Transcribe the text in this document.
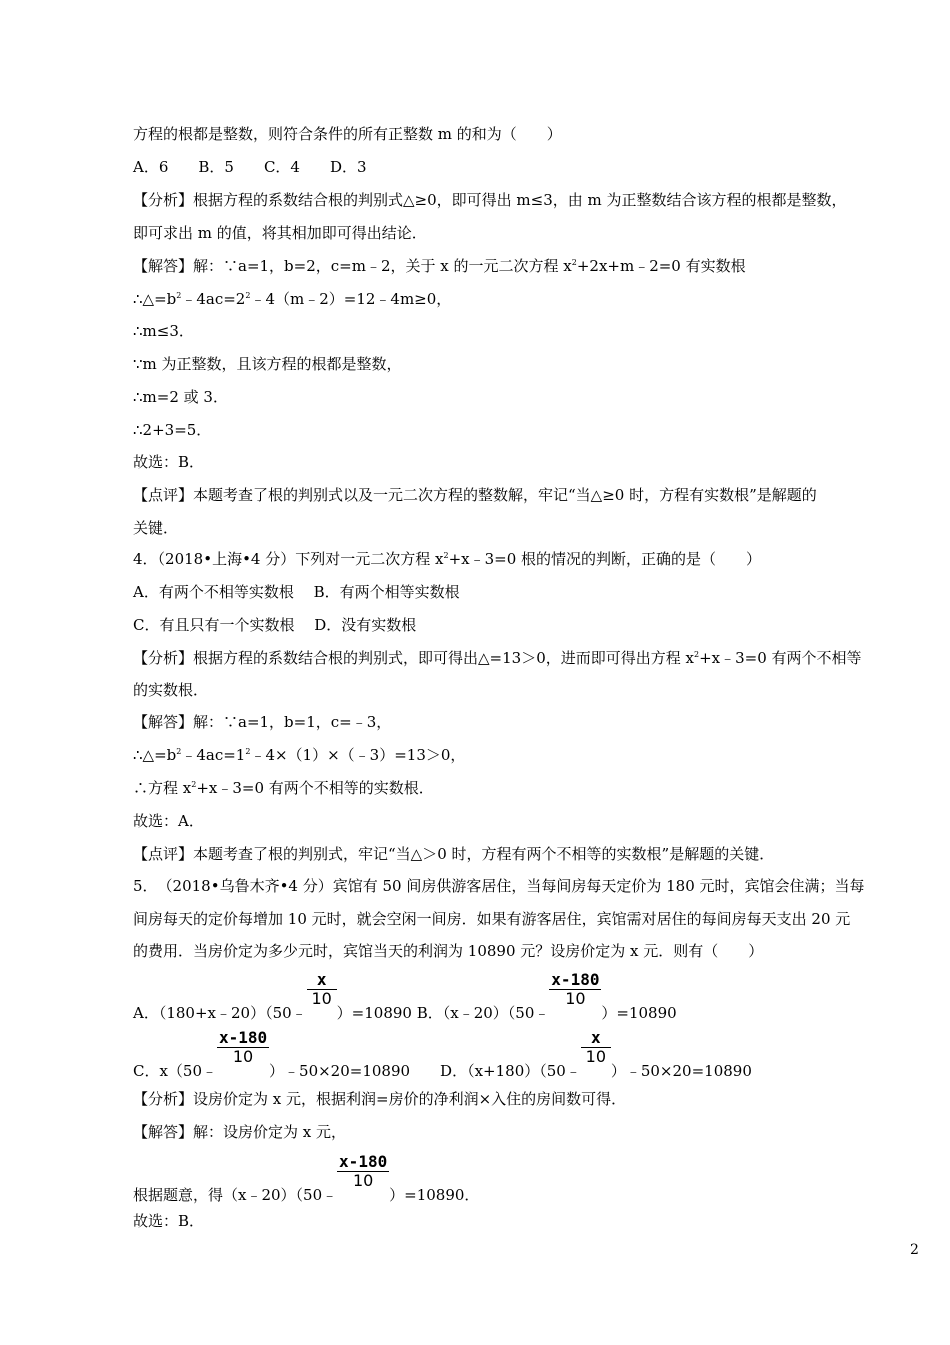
方程的根都是整数，则符合条件的所有正整数 m 的和为（　　）
A．6　　B．5　　C．4　　D．3
【分析】根据方程的系数结合根的判别式△≥0，即可得出 m≤3，由 m 为正整数结合该方程的根都是整数，
即可求出 m 的值，将其相加即可得出结论．
【解答】解：∵a=1，b=2，c=m﹣2，关于 x 的一元二次方程 $x^2+2x+m﹣2=0$ 有实数根
$\therefore\triangle=b^2﹣4ac=2^2﹣4(m﹣2)=12﹣4m\ge 0$，
∴m≤3．
∵m 为正整数，且该方程的根都是整数，
∴m=2 或 3．
∴2+3=5．
故选：B．
【点评】本题考查了根的判别式以及一元二次方程的整数解，牢记“当△≥0 时，方程有实数根”是解题的
关键．
4．（2018•上海•4 分）下列对一元二次方程 $x^2+x﹣3=0$ 根的情况的判断，正确的是（　　）
A．有两个不相等实数根　 B．有两个相等实数根
C．有且只有一个实数根　 D．没有实数根
【分析】根据方程的系数结合根的判别式，即可得出△=13＞0，进而即可得出方程 $x^2+x﹣3=0$ 有两个不相等
的实数根．
【解答】解：∵a=1，b=1，c=﹣3，
$\therefore\triangle=b^2﹣4ac=1^2﹣4\times(1)\times(﹣3)=13>0$，
∴方程 $x^2+x﹣3=0$ 有两个不相等的实数根．
故选：A．
【点评】本题考查了根的判别式，牢记“当△＞0 时，方程有两个不相等的实数根”是解题的关键．
5．　（2018•乌鲁木齐•4 分）宾馆有 50 间房供游客居住，当每间房每天定价为 180 元时，宾馆会住满；当每
间房每天的定价每增加 10 元时，就会空闲一间房．如果有游客居住，宾馆需对居住的每间房每天支出 20 元
的费用．当房价定为多少元时，宾馆当天的利润为 10890 元？设房价定为 x 元．则有（　　）
A．（180+x﹣20）（50﹣ $\frac{x}{10} )=10890$ B．（x﹣20）（50﹣ $\frac{x-180}{10} )=10890$
C．x（50﹣ $\frac{x-180}{10}$ ）﹣50×20=10890　　D．（x+180）（50﹣ $\frac{x}{10}$ ）﹣50×20=10890
【分析】设房价定为 x 元，根据利润=房价的净利润×入住的房间数可得．
【解答】解：设房价定为 x 元，
根据题意，得（x﹣20）（50﹣ $\frac{x-180}{10} )=10890$．
故选：B．
2
